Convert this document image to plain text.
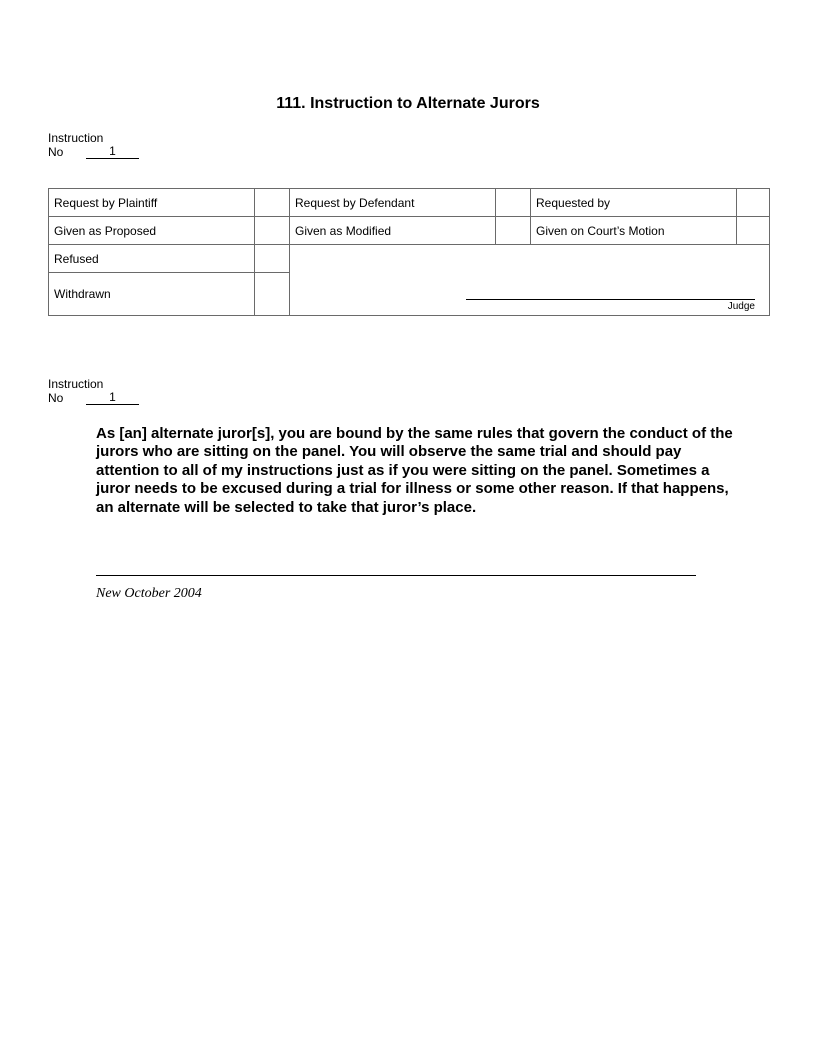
111. Instruction to Alternate Jurors
Instruction
No	1
Request by Plaintiff		Request by Defendant		Requested by	
Given as Proposed		Given as Modified		Given on Court’s Motion	
Refused		Judge			

Withdrawn					
Instruction
No	1
As [an] alternate juror[s], you are bound by the same rules that govern the conduct of the jurors who are sitting on the panel. You will observe the same trial and should pay attention to all of my instructions just as if you were sitting on the panel. Sometimes a juror needs to be excused during a trial for illness or some other reason. If that happens, an alternate will be selected to take that juror’s place.
New October 2004
